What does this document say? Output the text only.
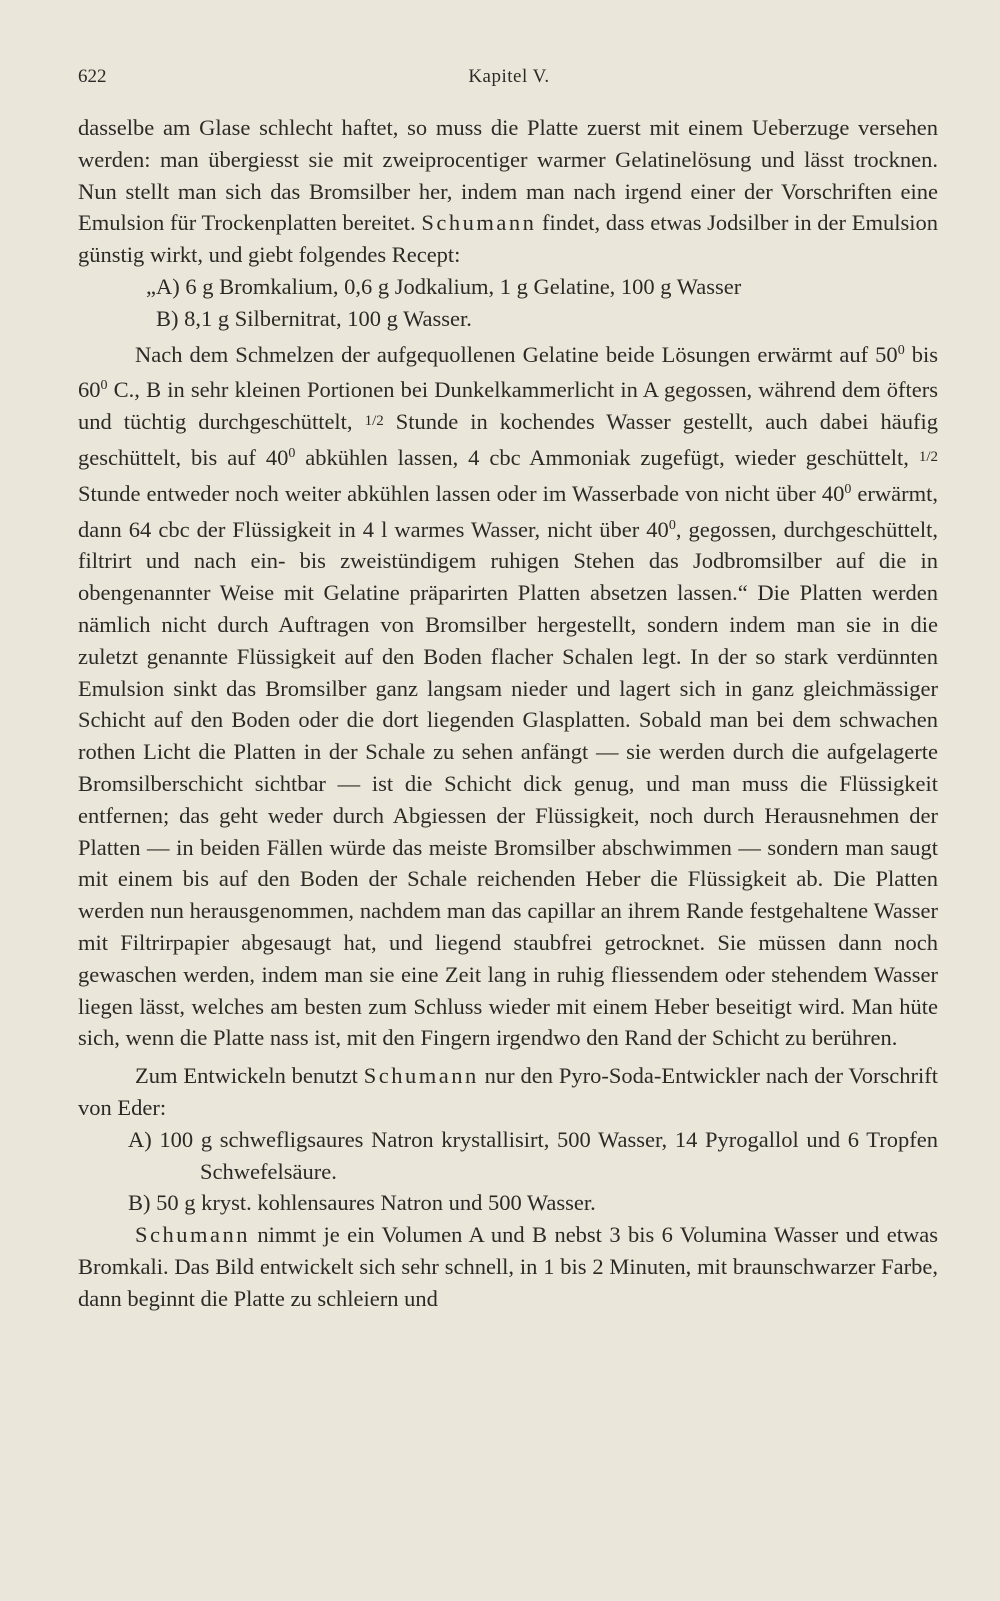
622	Kapitel V.

dasselbe am Glase schlecht haftet, so muss die Platte zuerst mit einem Ueberzuge versehen werden: man übergiesst sie mit zweiprocentiger warmer Gelatinelösung und lässt trocknen. Nun stellt man sich das Bromsilber her, indem man nach irgend einer der Vorschriften eine Emulsion für Trockenplatten bereitet. Schumann findet, dass etwas Jodsilber in der Emulsion günstig wirkt, und giebt folgendes Recept:

„A) 6 g Bromkalium, 0,6 g Jodkalium, 1 g Gelatine, 100 g Wasser

B) 8,1 g Silbernitrat, 100 g Wasser.

Nach dem Schmelzen der aufgequollenen Gelatine beide Lösungen erwärmt auf $50^0$ bis $60^0$ C., B in sehr kleinen Portionen bei Dunkelkammerlicht in A gegossen, während dem öfters und tüchtig durchgeschüttelt, 1/2 Stunde in kochendes Wasser gestellt, auch dabei häufig geschüttelt, bis auf $40^0$ abkühlen lassen, 4 cbc Ammoniak zugefügt, wieder geschüttelt, 1/2 Stunde entweder noch weiter abkühlen lassen oder im Wasserbade von nicht über $40^0$ erwärmt, dann 64 cbc der Flüssigkeit in 4 l warmes Wasser, nicht über $40^0$, gegossen, durchgeschüttelt, filtrirt und nach ein- bis zweistündigem ruhigen Stehen das Jodbromsilber auf die in obengenannter Weise mit Gelatine präparirten Platten absetzen lassen.“ Die Platten werden nämlich nicht durch Auftragen von Bromsilber hergestellt, sondern indem man sie in die zuletzt genannte Flüssigkeit auf den Boden flacher Schalen legt. In der so stark verdünnten Emulsion sinkt das Bromsilber ganz langsam nieder und lagert sich in ganz gleichmässiger Schicht auf den Boden oder die dort liegenden Glasplatten. Sobald man bei dem schwachen rothen Licht die Platten in der Schale zu sehen anfängt — sie werden durch die aufgelagerte Bromsilberschicht sichtbar — ist die Schicht dick genug, und man muss die Flüssigkeit entfernen; das geht weder durch Abgiessen der Flüssigkeit, noch durch Herausnehmen der Platten — in beiden Fällen würde das meiste Bromsilber abschwimmen — sondern man saugt mit einem bis auf den Boden der Schale reichenden Heber die Flüssigkeit ab. Die Platten werden nun herausgenommen, nachdem man das capillar an ihrem Rande festgehaltene Wasser mit Filtrirpapier abgesaugt hat, und liegend staubfrei getrocknet. Sie müssen dann noch gewaschen werden, indem man sie eine Zeit lang in ruhig fliessendem oder stehendem Wasser liegen lässt, welches am besten zum Schluss wieder mit einem Heber beseitigt wird. Man hüte sich, wenn die Platte nass ist, mit den Fingern irgendwo den Rand der Schicht zu berühren.

Zum Entwickeln benutzt Schumann nur den Pyro-Soda-Entwickler nach der Vorschrift von Eder:

A) 100 g schwefligsaures Natron krystallisirt, 500 Wasser, 14 Pyrogallol und 6 Tropfen Schwefelsäure.

B) 50 g kryst. kohlensaures Natron und 500 Wasser.

Schumann nimmt je ein Volumen A und B nebst 3 bis 6 Volumina Wasser und etwas Bromkali. Das Bild entwickelt sich sehr schnell, in 1 bis 2 Minuten, mit braunschwarzer Farbe, dann beginnt die Platte zu schleiern und
